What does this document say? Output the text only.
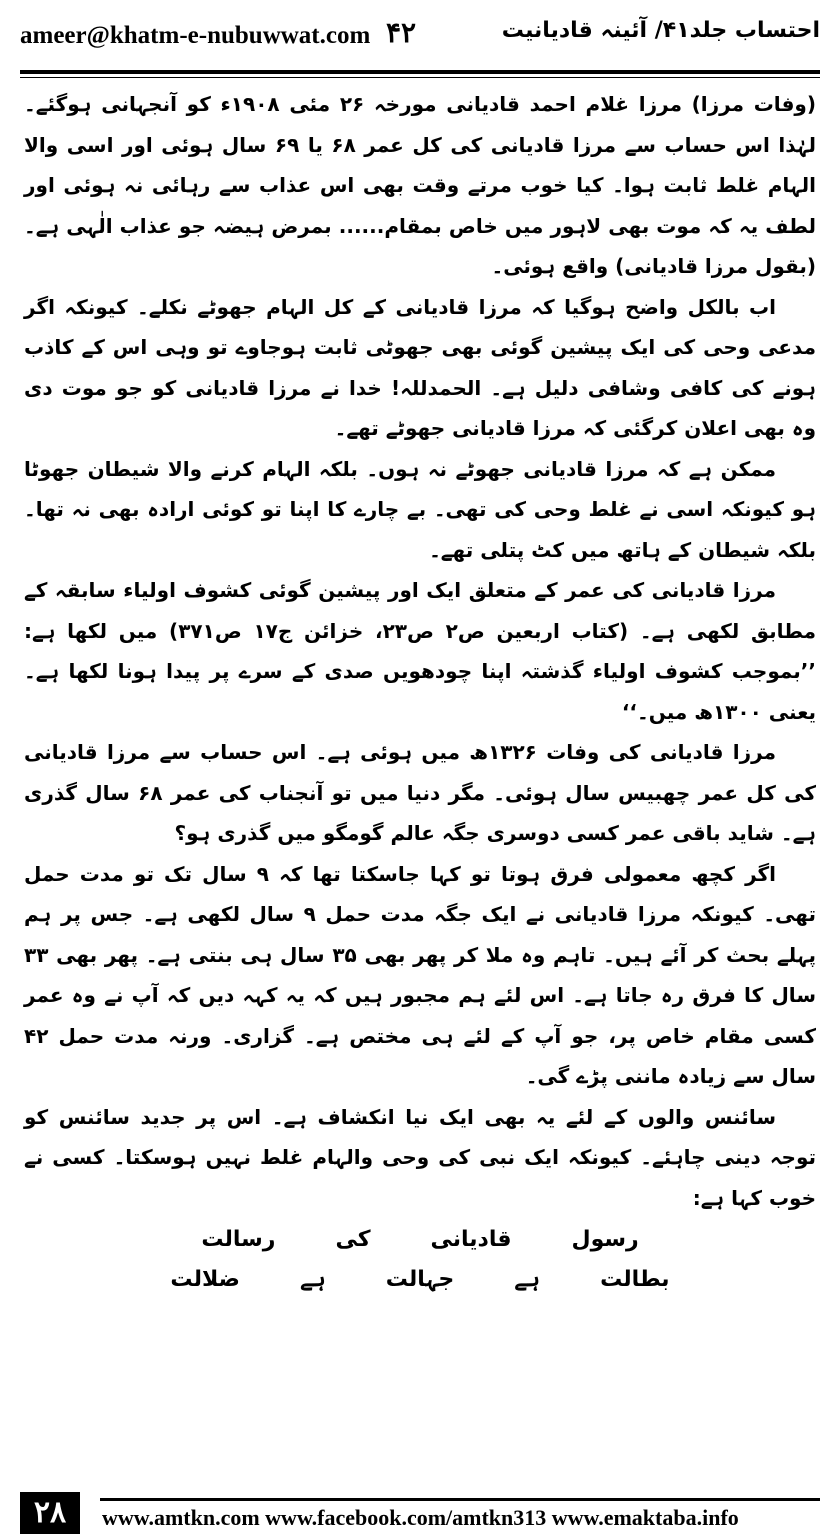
ameer@khatm-e-nubuwwat.com ۴۲	احتساب جلد۴۱/ آئینہ قادیانیت

(وفات مرزا) مرزا غلام احمد قادیانی مورخہ ۲۶ مئی ۱۹۰۸ء کو آنجہانی ہوگئے۔ لہٰذا اس حساب سے مرزا قادیانی کی کل عمر ۶۸ یا ۶۹ سال ہوئی اور اسی والا الہام غلط ثابت ہوا۔ کیا خوب مرتے وقت بھی اس عذاب سے رہائی نہ ہوئی اور لطف یہ کہ موت بھی لاہور میں خاص بمقام...... بمرض ہیضہ جو عذاب الٰہی ہے۔ (بقول مرزا قادیانی) واقع ہوئی۔

اب بالکل واضح ہوگیا کہ مرزا قادیانی کے کل الہام جھوٹے نکلے۔ کیونکہ اگر مدعی وحی کی ایک پیشین گوئی بھی جھوٹی ثابت ہوجاوے تو وہی اس کے کاذب ہونے کی کافی وشافی دلیل ہے۔ الحمدللہ! خدا نے مرزا قادیانی کو جو موت دی وہ بھی اعلان کرگئی کہ مرزا قادیانی جھوٹے تھے۔

ممکن ہے کہ مرزا قادیانی جھوٹے نہ ہوں۔ بلکہ الہام کرنے والا شیطان جھوٹا ہو کیونکہ اسی نے غلط وحی کی تھی۔ بے چارے کا اپنا تو کوئی ارادہ بھی نہ تھا۔ بلکہ شیطان کے ہاتھ میں کٹ پتلی تھے۔

مرزا قادیانی کی عمر کے متعلق ایک اور پیشین گوئی کشوف اولیاء سابقہ کے مطابق لکھی ہے۔ (کتاب اربعین ص۲ ص۲۳، خزائن ج۱۷ ص۳۷۱) میں لکھا ہے: ’’بموجب کشوف اولیاء گذشتہ اپنا چودھویں صدی کے سرے پر پیدا ہونا لکھا ہے۔ یعنی ۱۳۰۰ھ میں۔‘‘

مرزا قادیانی کی وفات ۱۳۲۶ھ میں ہوئی ہے۔ اس حساب سے مرزا قادیانی کی کل عمر چھبیس سال ہوئی۔ مگر دنیا میں تو آنجناب کی عمر ۶۸ سال گذری ہے۔ شاید باقی عمر کسی دوسری جگہ عالم گومگو میں گذری ہو؟

اگر کچھ معمولی فرق ہوتا تو کہا جاسکتا تھا کہ ۹ سال تک تو مدت حمل تھی۔ کیونکہ مرزا قادیانی نے ایک جگہ مدت حمل ۹ سال لکھی ہے۔ جس پر ہم پہلے بحث کر آئے ہیں۔ تاہم وہ ملا کر پھر بھی ۳۵ سال ہی بنتی ہے۔ پھر بھی ۳۳ سال کا فرق رہ جاتا ہے۔ اس لئے ہم مجبور ہیں کہ یہ کہہ دیں کہ آپ نے وہ عمر کسی مقام خاص پر، جو آپ کے لئے ہی مختص ہے۔ گزاری۔ ورنہ مدت حمل ۴۲ سال سے زیادہ ماننی پڑے گی۔

سائنس والوں کے لئے یہ بھی ایک نیا انکشاف ہے۔ اس پر جدید سائنس کو توجہ دینی چاہئے۔ کیونکہ ایک نبی کی وحی والہام غلط نہیں ہوسکتا۔ کسی نے خوب کہا ہے:

رسول
قادیانی
کی
رسالت
بطالت
ہے
جہالت
ہے
ضلالت
۲۸	www.amtkn.com www.facebook.com/amtkn313 www.emaktaba.info
